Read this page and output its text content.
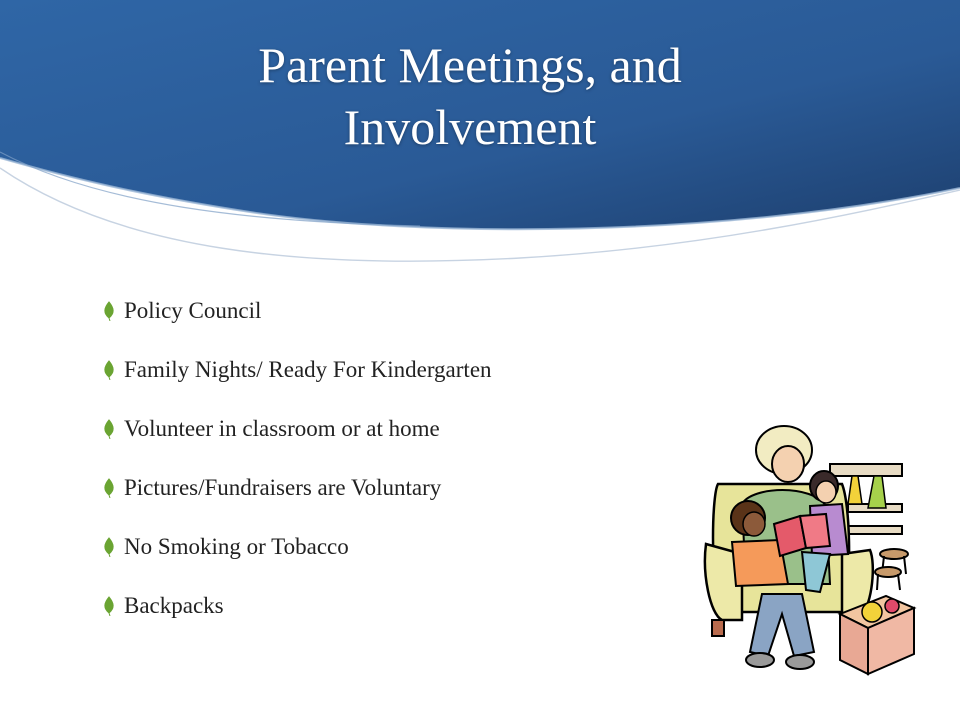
Parent Meetings, and
Involvement
Policy Council
Family Nights/ Ready For Kindergarten
Volunteer in classroom or at home
Pictures/Fundraisers are Voluntary
No Smoking or Tobacco
Backpacks
